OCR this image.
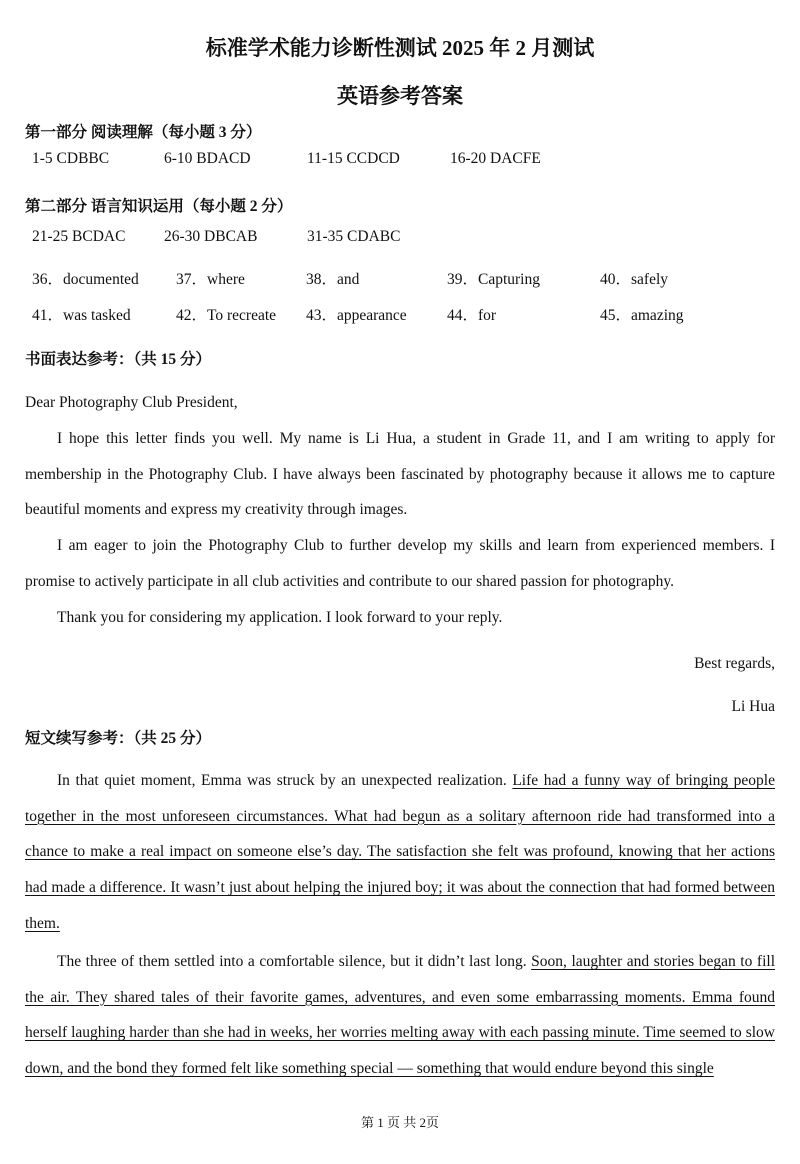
标准学术能力诊断性测试 2025 年 2 月测试
英语参考答案

第一部分 阅读理解（每小题 3 分）

1-5 CDBBC	6-10 BDACD	11-15 CCDCD	16-20 DACFE

第二部分 语言知识运用（每小题 2 分）

21-25 BCDAC 26-30 DBCAB	31-35 CDABC
36．documented 37．where	38．and	39．Capturing	40．safely
41．was tasked	42．To recreate 43．appearance	44．for	45．amazing

书面表达参考：（共 15 分）

Dear Photography Club President,

I hope this letter finds you well. My name is Li Hua, a student in Grade 11, and I am writing to apply for membership in the Photography Club. I have always been fascinated by photography because it allows me to capture beautiful moments and express my creativity through images.

I am eager to join the Photography Club to further develop my skills and learn from experienced members. I promise to actively participate in all club activities and contribute to our shared passion for photography.

Thank you for considering my application. I look forward to your reply.

Best regards,

Li Hua

短文续写参考：（共 25 分）

In that quiet moment, Emma was struck by an unexpected realization. Life had a funny way of bringing people together in the most unforeseen circumstances. What had begun as a solitary afternoon ride had transformed into a chance to make a real impact on someone else’s day. The satisfaction she felt was profound, knowing that her actions had made a difference. It wasn’t just about helping the injured boy; it was about the connection that had formed between them.

The three of them settled into a comfortable silence, but it didn’t last long. Soon, laughter and stories began to fill the air. They shared tales of their favorite games, adventures, and even some embarrassing moments. Emma found herself laughing harder than she had in weeks, her worries melting away with each passing minute. Time seemed to slow down, and the bond they formed felt like something special — something that would endure beyond this single

第 1 页 共 2页
